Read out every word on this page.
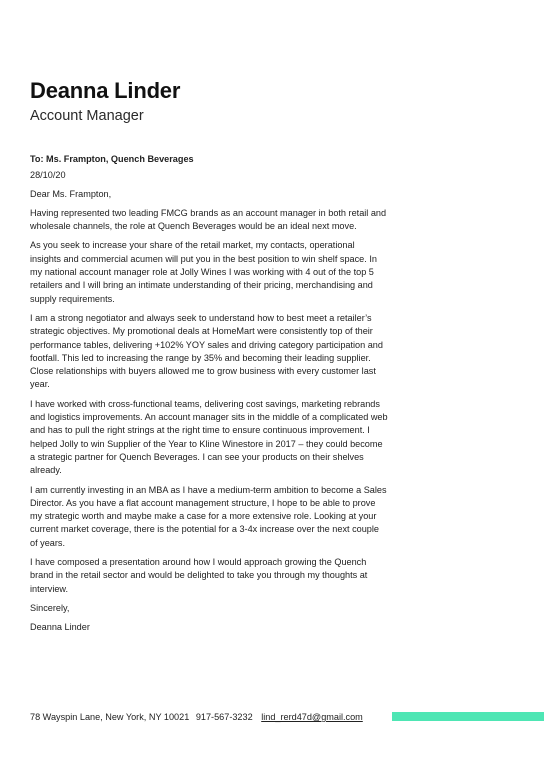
Deanna Linder
Account Manager

To: Ms. Frampton, Quench Beverages

28/10/20

Dear Ms. Frampton,

Having represented two leading FMCG brands as an account manager in both retail and wholesale channels, the role at Quench Beverages would be an ideal next move.

As you seek to increase your share of the retail market, my contacts, operational insights and commercial acumen will put you in the best position to win shelf space. In my national account manager role at Jolly Wines I was working with 4 out of the top 5 retailers and I will bring an intimate understanding of their pricing, merchandising and supply requirements.

I am a strong negotiator and always seek to understand how to best meet a retailer’s strategic objectives. My promotional deals at HomeMart were consistently top of their performance tables, delivering +102% YOY sales and driving category participation and footfall. This led to increasing the range by 35% and becoming their leading supplier. Close relationships with buyers allowed me to grow business with every customer last year.

I have worked with cross-functional teams, delivering cost savings, marketing rebrands and logistics improvements. An account manager sits in the middle of a complicated web and has to pull the right strings at the right time to ensure continuous improvement. I helped Jolly to win Supplier of the Year to Kline Winestore in 2017 – they could become a strategic partner for Quench Beverages. I can see your products on their shelves already.

I am currently investing in an MBA as I have a medium-term ambition to become a Sales Director. As you have a flat account management structure, I hope to be able to prove my strategic worth and maybe make a case for a more extensive role. Looking at your current market coverage, there is the potential for a 3-4x increase over the next couple of years.

I have composed a presentation around how I would approach growing the Quench brand in the retail sector and would be delighted to take you through my thoughts at interview.

Sincerely,

Deanna Linder

78 Wayspin Lane, New York, NY 10021 917-567-3232 lind_rerd47d@gmail.com
